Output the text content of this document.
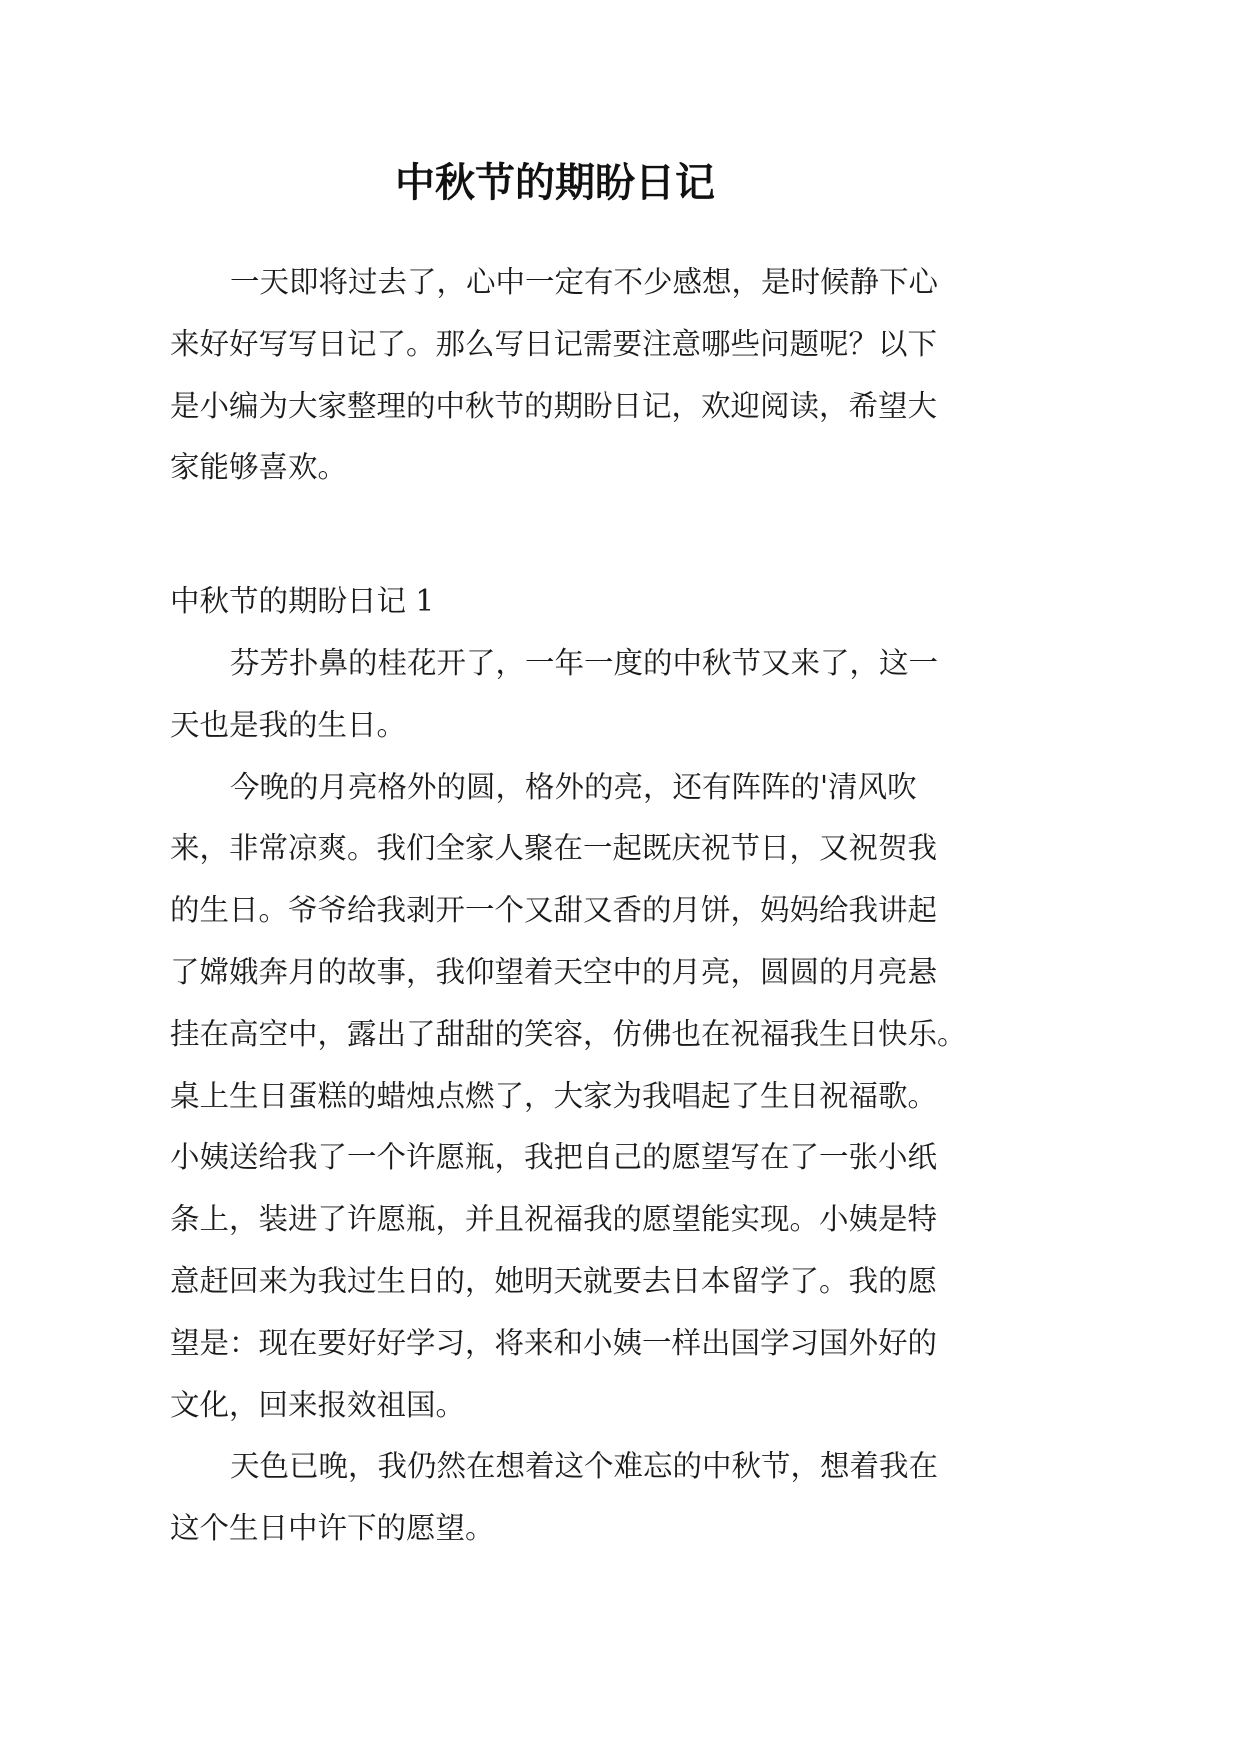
中秋节的期盼日记
一天即将过去了，心中一定有不少感想，是时候静下心
来好好写写日记了。那么写日记需要注意哪些问题呢？以下
是小编为大家整理的中秋节的期盼日记，欢迎阅读，希望大
家能够喜欢。
中秋节的期盼日记 1
芬芳扑鼻的桂花开了，一年一度的中秋节又来了，这一
天也是我的生日。
今晚的月亮格外的圆，格外的亮，还有阵阵的'清风吹
来，非常凉爽。我们全家人聚在一起既庆祝节日，又祝贺我
的生日。爷爷给我剥开一个又甜又香的月饼，妈妈给我讲起
了嫦娥奔月的故事，我仰望着天空中的月亮，圆圆的月亮悬
挂在高空中，露出了甜甜的笑容，仿佛也在祝福我生日快乐。
桌上生日蛋糕的蜡烛点燃了，大家为我唱起了生日祝福歌。
小姨送给我了一个许愿瓶，我把自己的愿望写在了一张小纸
条上，装进了许愿瓶，并且祝福我的愿望能实现。小姨是特
意赶回来为我过生日的，她明天就要去日本留学了。我的愿
望是：现在要好好学习，将来和小姨一样出国学习国外好的
文化，回来报效祖国。
天色已晚，我仍然在想着这个难忘的中秋节，想着我在
这个生日中许下的愿望。
